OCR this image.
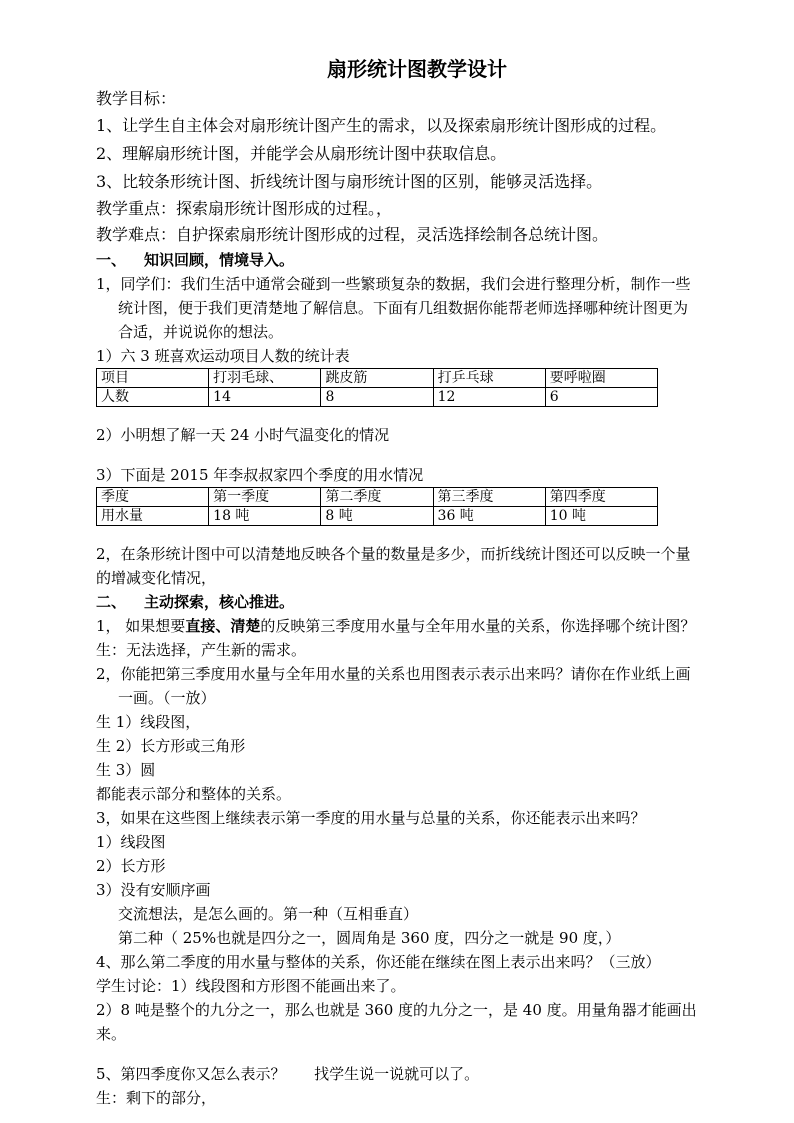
扇形统计图教学设计

教学目标：

1、让学生自主体会对扇形统计图产生的需求，以及探索扇形统计图形成的过程。

2、理解扇形统计图，并能学会从扇形统计图中获取信息。

3、比较条形统计图、折线统计图与扇形统计图的区别，能够灵活选择。

教学重点：探索扇形统计图形成的过程。，

教学难点：自护探索扇形统计图形成的过程，灵活选择绘制各总统计图。

一、 知识回顾，情境导入。

1，同学们：我们生活中通常会碰到一些繁琐复杂的数据，我们会进行整理分析，制作一些统计图，便于我们更清楚地了解信息。下面有几组数据你能帮老师选择哪种统计图更为合适，并说说你的想法。

1）六 3 班喜欢运动项目人数的统计表

项目	打羽毛球、	跳皮筋	打乒乓球	要呼啦圈
人数	14	8	12	6

2）小明想了解一天 24 小时气温变化的情况

3）下面是 2015 年李叔叔家四个季度的用水情况

季度	第一季度	第二季度	第三季度	第四季度
用水量	18 吨	8 吨	36 吨	10 吨

2，在条形统计图中可以清楚地反映各个量的数量是多少，而折线统计图还可以反映一个量的增减变化情况，

二、 主动探索，核心推进。

1， 如果想要直接、清楚的反映第三季度用水量与全年用水量的关系，你选择哪个统计图？

生：无法选择，产生新的需求。

2，你能把第三季度用水量与全年用水量的关系也用图表示表示出来吗？请你在作业纸上画一画。（一放）

生 1）线段图，

生 2）长方形或三角形

生 3）圆

都能表示部分和整体的关系。

3，如果在这些图上继续表示第一季度的用水量与总量的关系，你还能表示出来吗？

1）线段图

2）长方形

3）没有安顺序画

交流想法，是怎么画的。第一种（互相垂直）

第二种（ 25%也就是四分之一，圆周角是 360 度，四分之一就是 90 度，）

4、那么第二季度的用水量与整体的关系，你还能在继续在图上表示出来吗？（三放）

学生讨论：1）线段图和方形图不能画出来了。

2）8 吨是整个的九分之一，那么也就是 360 度的九分之一，是 40 度。用量角器才能画出来。

5、第四季度你又怎么表示？      找学生说一说就可以了。

生：剩下的部分，
